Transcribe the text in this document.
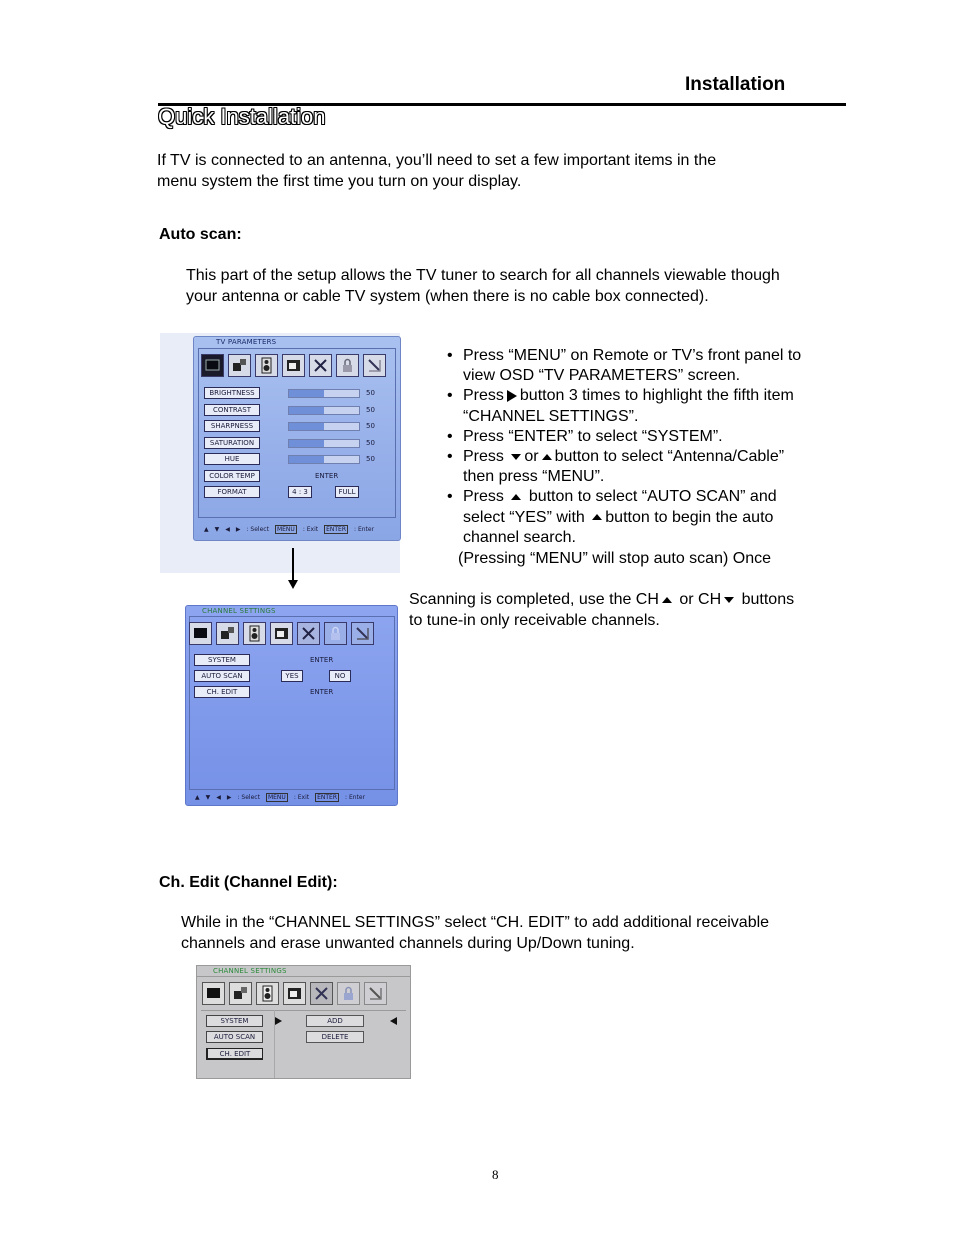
Installation
Quick Installation
If TV is connected to an antenna, you’ll need to set a few important items in the
menu system the first time you turn on your display.
Auto scan:
This part of the setup allows the TV tuner to search for all channels viewable though
your antenna or cable TV system (when there is no cable box connected).
TV PARAMETERS
BRIGHTNESS	50
CONTRAST	50
SHARPNESS	50
SATURATION	50
HUE	50
COLOR TEMP	ENTER
FORMAT	4 : 3	FULL
▲ ▼ ◀ ▶ : Select	MENU	: Exit	ENTER	: Enter
CHANNEL SETTINGS
SYSTEM	ENTER
AUTO SCAN	YES	NO
CH. EDIT	ENTER
▲ ▼ ◀ ▶ : Select	MENU	: Exit	ENTER	: Enter
• Press “MENU” on Remote or TV’s front panel to
view OSD “TV PARAMETERS” screen.
• Press button 3 times to highlight the fifth item
“CHANNEL SETTINGS”.
• Press “ENTER” to select “SYSTEM”.
• Press or button to select “Antenna/Cable”
then press “MENU”.
• Press button to select “AUTO SCAN” and
select “YES” with button to begin the auto
channel search.
(Pressing “MENU” will stop auto scan) Once
Scanning is completed, use the CH or CH buttons
to tune-in only receivable channels.
Ch. Edit (Channel Edit):
While in the “CHANNEL SETTINGS” select “CH. EDIT” to add additional receivable
channels and erase unwanted channels during Up/Down tuning.
CHANNEL SETTINGS
SYSTEM
AUTO SCAN
CH. EDIT
ADD
DELETE
8
